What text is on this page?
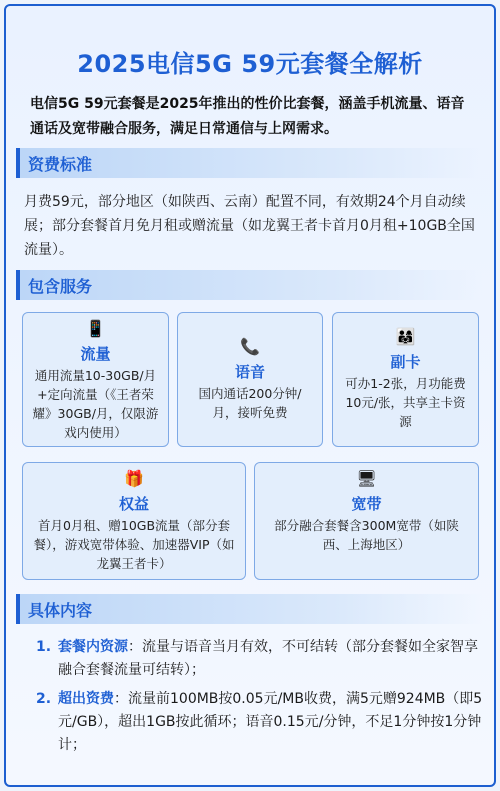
2025电信5G 59元套餐全解析

电信5G 59元套餐是2025年推出的性价比套餐，涵盖手机流量、语音通话及宽带融合服务，满足日常通信与上网需求。

资费标准

月费59元，部分地区（如陕西、云南）配置不同，有效期24个月自动续展；部分套餐首月免月租或赠流量（如龙翼王者卡首月0月租+10GB全国流量）。

包含服务
📱
流量
通用流量10-30GB/月+定向流量（《王者荣耀》30GB/月，仅限游戏内使用）
📞
语音
国内通话200分钟/月，接听免费
👨‍👩‍👧
副卡
可办1-2张，月功能费10元/张，共享主卡资源
🎁
权益
首月0月租、赠10GB流量（部分套餐），游戏宽带体验、加速器VIP（如龙翼王者卡）
🖥
宽带
部分融合套餐含300M宽带（如陕西、上海地区）
具体内容
1. 套餐内资源：流量与语音当月有效，不可结转（部分套餐如全家智享融合套餐流量可结转）；
2. 超出资费：流量前100MB按0.05元/MB收费，满5元赠924MB（即5元/GB），超出1GB按此循环；语音0.15元/分钟，不足1分钟按1分钟计；
